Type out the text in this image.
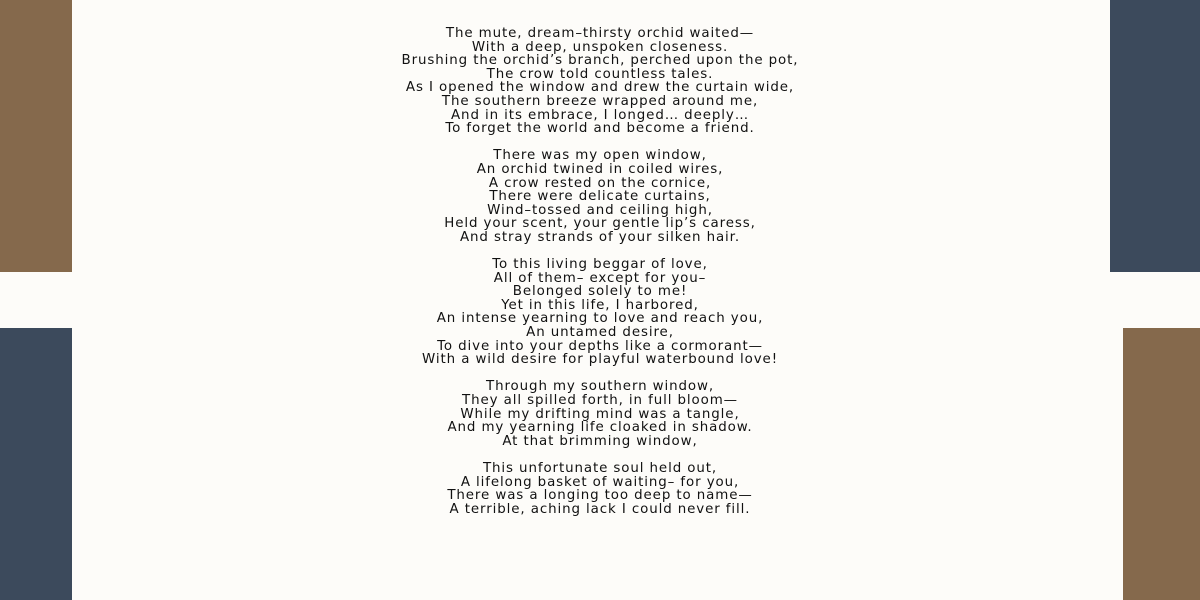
The mute, dream–thirsty orchid waited—
With a deep, unspoken closeness.
Brushing the orchid’s branch, perched upon the pot,
The crow told countless tales.
As I opened the window and drew the curtain wide,
The southern breeze wrapped around me,
And in its embrace, I longed… deeply…
To forget the world and become a friend.
There was my open window,
An orchid twined in coiled wires,
A crow rested on the cornice,
There were delicate curtains,
Wind–tossed and ceiling high,
Held your scent, your gentle lip’s caress,
And stray strands of your silken hair.
To this living beggar of love,
All of them– except for you–
Belonged solely to me!
Yet in this life, I harbored,
An intense yearning to love and reach you,
An untamed desire,
To dive into your depths like a cormorant—
With a wild desire for playful waterbound love!
Through my southern window,
They all spilled forth, in full bloom—
While my drifting mind was a tangle,
And my yearning life cloaked in shadow.
At that brimming window,
This unfortunate soul held out,
A lifelong basket of waiting– for you,
There was a longing too deep to name—
A terrible, aching lack I could never fill.
